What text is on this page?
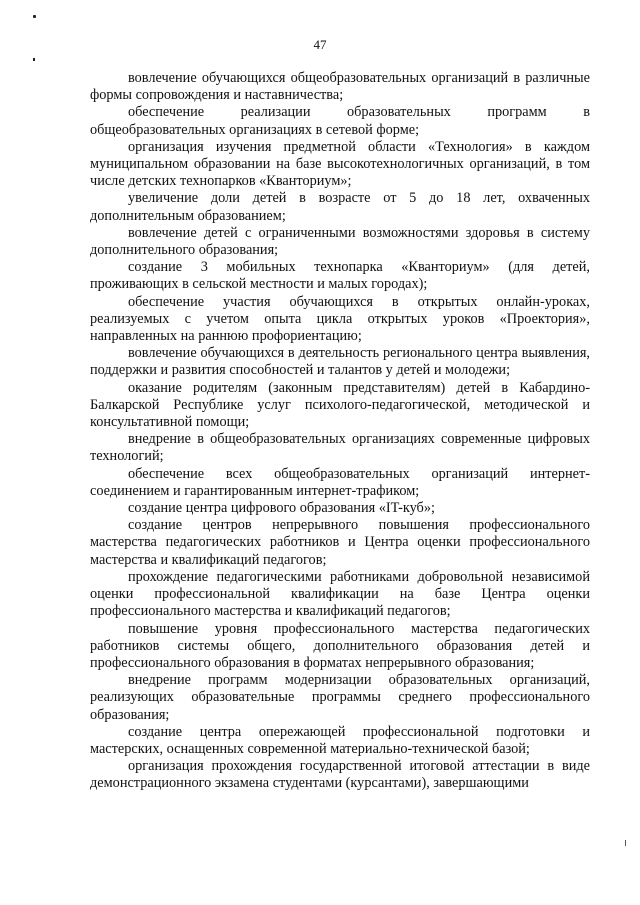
47

вовлечение обучающихся общеобразовательных организаций в различные формы сопровождения и наставничества;

обеспечение реализации образовательных программ в общеобразовательных организациях в сетевой форме;

организация изучения предметной области «Технология» в каждом муниципальном образовании на базе высокотехнологичных организаций, в том числе детских технопарков «Кванториум»;

увеличение доли детей в возрасте от 5 до 18 лет, охваченных дополнительным образованием;

вовлечение детей с ограниченными возможностями здоровья в систему дополнительного образования;

создание 3 мобильных технопарка «Кванториум» (для детей, проживающих в сельской местности и малых городах);

обеспечение участия обучающихся в открытых онлайн-уроках, реализуемых с учетом опыта цикла открытых уроков «Проектория», направленных на раннюю профориентацию;

вовлечение обучающихся в деятельность регионального центра выявления, поддержки и развития способностей и талантов у детей и молодежи;

оказание родителям (законным представителям) детей в Кабардино-Балкарской Республике услуг психолого-педагогической, методической и консультативной помощи;

внедрение в общеобразовательных организациях современные цифровых технологий;

обеспечение всех общеобразовательных организаций интернет-соединением и гарантированным интернет-трафиком;

создание центра цифрового образования «IT-куб»;

создание центров непрерывного повышения профессионального мастерства педагогических работников и Центра оценки профессионального мастерства и квалификаций педагогов;

прохождение педагогическими работниками добровольной независимой оценки профессиональной квалификации на базе Центра оценки профессионального мастерства и квалификаций педагогов;

повышение уровня профессионального мастерства педагогических работников системы общего, дополнительного образования детей и профессионального образования в форматах непрерывного образования;

внедрение программ модернизации образовательных организаций, реализующих образовательные программы среднего профессионального образования;

создание центра опережающей профессиональной подготовки и мастерских, оснащенных современной материально-технической базой;

организация прохождения государственной итоговой аттестации в виде демонстрационного экзамена студентами (курсантами), завершающими
